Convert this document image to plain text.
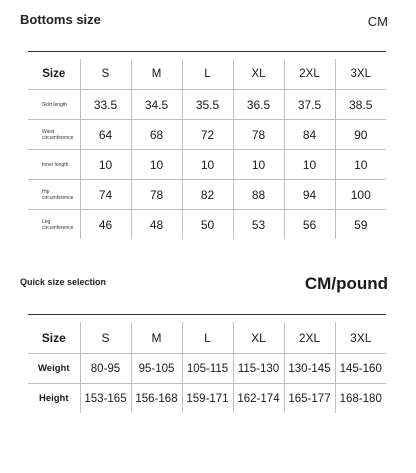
Bottoms size	CM
Size	S	M	L	XL	2XL	3XL
Skirt length	33.5	34.5	35.5	36.5	37.5	38.5
Waist circumference	64	68	72	78	84	90
Inner length	10	10	10	10	10	10
Hip circumference	74	78	82	88	94	100
Leg circumference	46	48	50	53	56	59
Quick size selection	CM/pound
Size	S	M	L	XL	2XL	3XL
Weight	80-95	95-105	105-115	115-130	130-145	145-160
Height	153-165	156-168	159-171	162-174	165-177	168-180
